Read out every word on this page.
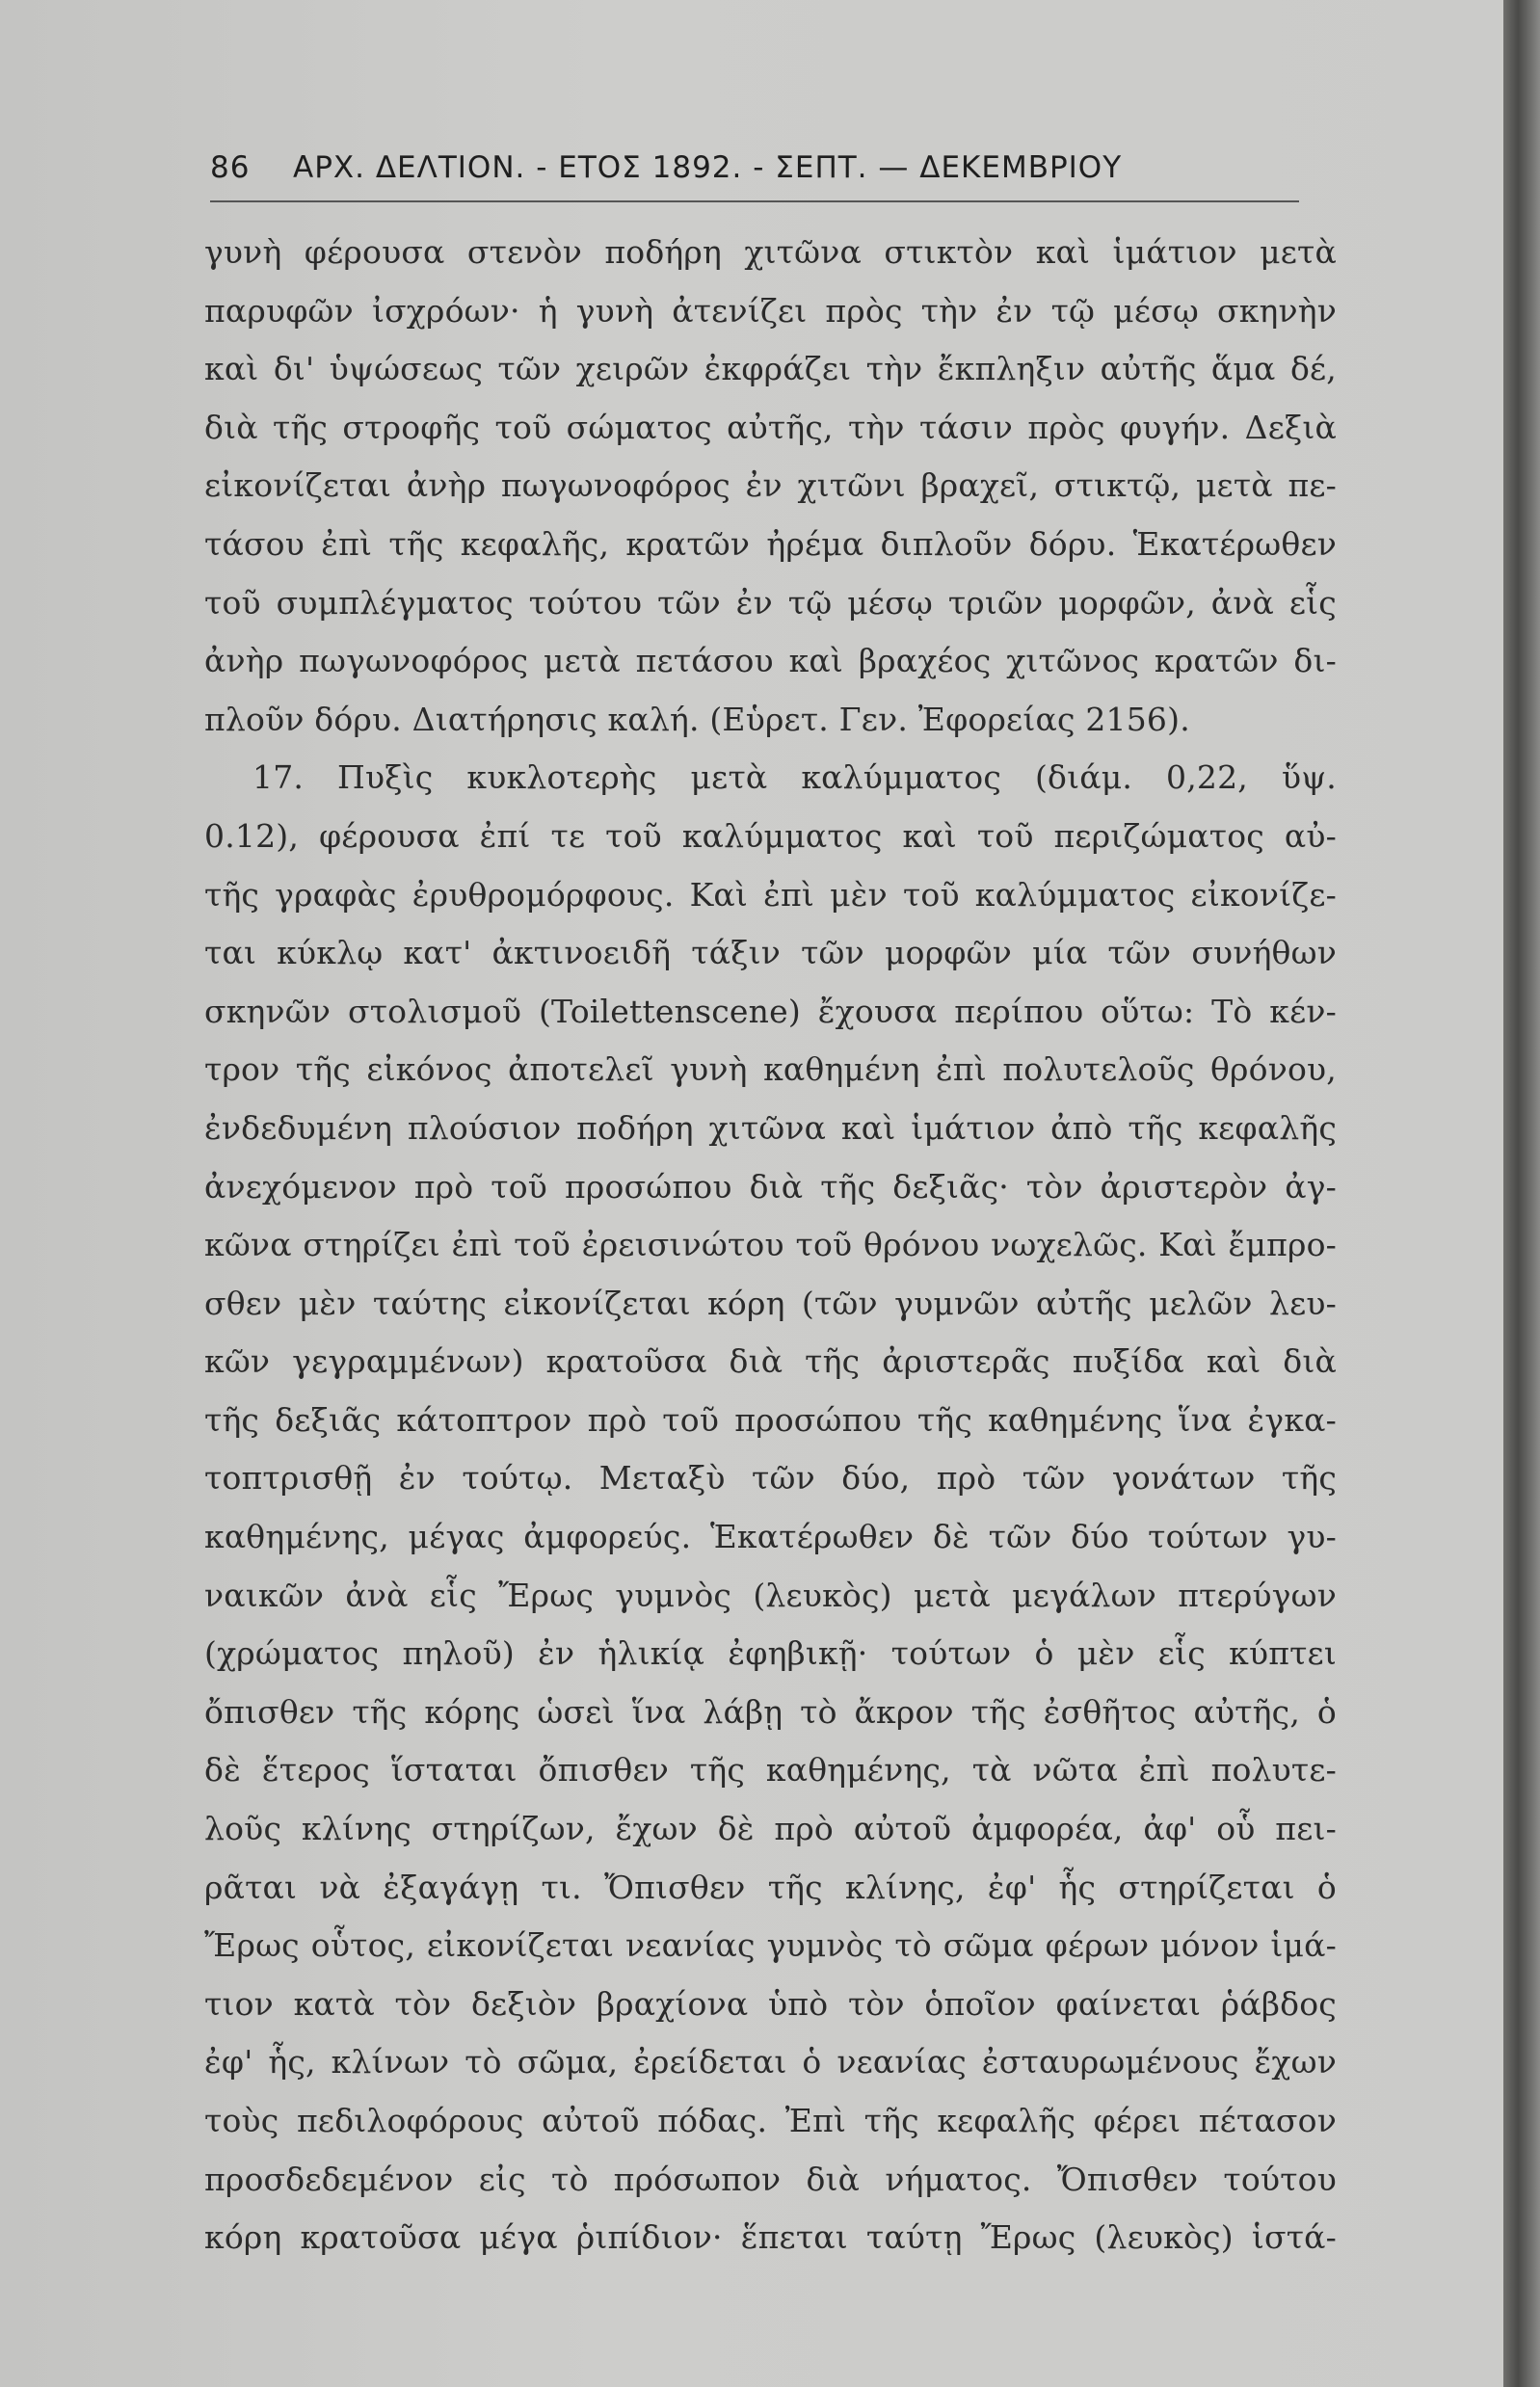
86 ΑΡΧ. ΔΕΛΤΙΟΝ. - ΕΤΟΣ 1892. - ΣΕΠΤ. — ΔΕΚΕΜΒΡΙΟΥ
γυνὴ φέρουσα στενὸν ποδήρη χιτῶνα στικτὸν καὶ ἱμάτιον μετὰ
παρυφῶν ἰσχρόων· ἡ γυνὴ ἀτενίζει πρὸς τὴν ἐν τῷ μέσῳ σκηνὴν
καὶ δι' ὑψώσεως τῶν χειρῶν ἐκφράζει τὴν ἔκπληξιν αὐτῆς ἅμα δέ,
διὰ τῆς στροφῆς τοῦ σώματος αὐτῆς, τὴν τάσιν πρὸς φυγήν. Δεξιὰ
εἰκονίζεται ἀνὴρ πωγωνοφόρος ἐν χιτῶνι βραχεῖ, στικτῷ, μετὰ πε-
τάσου ἐπὶ τῆς κεφαλῆς, κρατῶν ἠρέμα διπλοῦν δόρυ. Ἑκατέρωθεν
τοῦ συμπλέγματος τούτου τῶν ἐν τῷ μέσῳ τριῶν μορφῶν, ἀνὰ εἷς
ἀνὴρ πωγωνοφόρος μετὰ πετάσου καὶ βραχέος χιτῶνος κρατῶν δι-
πλοῦν δόρυ. Διατήρησις καλή. (Εὑρετ. Γεν. Ἐφορείας 2156).
17. Πυξὶς κυκλοτερὴς μετὰ καλύμματος (διάμ. 0,22, ὕψ.
0.12), φέρουσα ἐπί τε τοῦ καλύμματος καὶ τοῦ περιζώματος αὐ-
τῆς γραφὰς ἐρυθρομόρφους. Καὶ ἐπὶ μὲν τοῦ καλύμματος εἰκονίζε-
ται κύκλῳ κατ' ἀκτινοειδῆ τάξιν τῶν μορφῶν μία τῶν συνήθων
σκηνῶν στολισμοῦ (Toilettenscene) ἔχουσα περίπου οὕτω: Τὸ κέν-
τρον τῆς εἰκόνος ἀποτελεῖ γυνὴ καθημένη ἐπὶ πολυτελοῦς θρόνου,
ἐνδεδυμένη πλούσιον ποδήρη χιτῶνα καὶ ἱμάτιον ἀπὸ τῆς κεφαλῆς
ἀνεχόμενον πρὸ τοῦ προσώπου διὰ τῆς δεξιᾶς· τὸν ἀριστερὸν ἀγ-
κῶνα στηρίζει ἐπὶ τοῦ ἐρεισινώτου τοῦ θρόνου νωχελῶς. Καὶ ἔμπρο-
σθεν μὲν ταύτης εἰκονίζεται κόρη (τῶν γυμνῶν αὐτῆς μελῶν λευ-
κῶν γεγραμμένων) κρατοῦσα διὰ τῆς ἀριστερᾶς πυξίδα καὶ διὰ
τῆς δεξιᾶς κάτοπτρον πρὸ τοῦ προσώπου τῆς καθημένης ἵνα ἐγκα-
τοπτρισθῇ ἐν τούτῳ. Μεταξὺ τῶν δύο, πρὸ τῶν γονάτων τῆς
καθημένης, μέγας ἀμφορεύς. Ἑκατέρωθεν δὲ τῶν δύο τούτων γυ-
ναικῶν ἀνὰ εἷς Ἔρως γυμνὸς (λευκὸς) μετὰ μεγάλων πτερύγων
(χρώματος πηλοῦ) ἐν ἡλικίᾳ ἐφηβικῇ· τούτων ὁ μὲν εἷς κύπτει
ὄπισθεν τῆς κόρης ὡσεὶ ἵνα λάβῃ τὸ ἄκρον τῆς ἐσθῆτος αὐτῆς, ὁ
δὲ ἕτερος ἵσταται ὄπισθεν τῆς καθημένης, τὰ νῶτα ἐπὶ πολυτε-
λοῦς κλίνης στηρίζων, ἔχων δὲ πρὸ αὐτοῦ ἀμφορέα, ἀφ' οὗ πει-
ρᾶται νὰ ἐξαγάγῃ τι. Ὄπισθεν τῆς κλίνης, ἐφ' ἧς στηρίζεται ὁ
Ἔρως οὗτος, εἰκονίζεται νεανίας γυμνὸς τὸ σῶμα φέρων μόνον ἱμά-
τιον κατὰ τὸν δεξιὸν βραχίονα ὑπὸ τὸν ὁποῖον φαίνεται ῥάβδος
ἐφ' ἧς, κλίνων τὸ σῶμα, ἐρείδεται ὁ νεανίας ἐσταυρωμένους ἔχων
τοὺς πεδιλοφόρους αὐτοῦ πόδας. Ἐπὶ τῆς κεφαλῆς φέρει πέτασον
προσδεδεμένον εἰς τὸ πρόσωπον διὰ νήματος. Ὄπισθεν τούτου
κόρη κρατοῦσα μέγα ῥιπίδιον· ἕπεται ταύτῃ Ἔρως (λευκὸς) ἱστά-
